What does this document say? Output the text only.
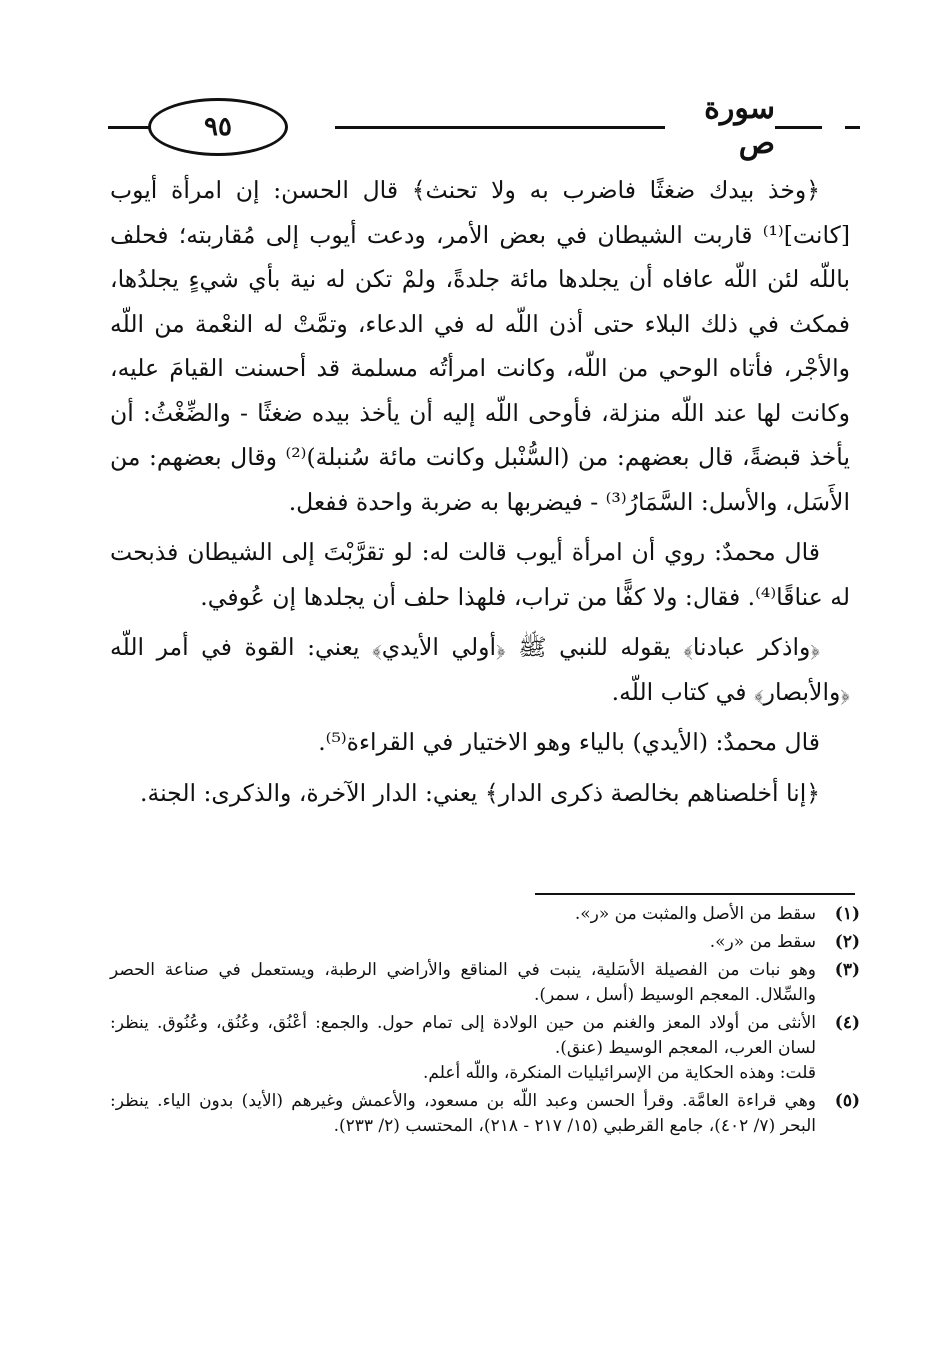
٩٥
سورة ص

﴿وخذ بيدك ضغثًا فاضرب به ولا تحنث﴾ قال الحسن: إن امرأة أيوب [كانت]⁽¹⁾ قاربت الشيطان في بعض الأمر، ودعت أيوب إلى مُقاربته؛ فحلف باللّه لئن اللّه عافاه أن يجلدها مائة جلدةً، ولمْ تكن له نية بأي شيءٍ يجلدُها، فمكث في ذلك البلاء حتى أذن اللّه له في الدعاء، وتمَّتْ له النعْمة من اللّه والأجْر، فأتاه الوحي من اللّه، وكانت امرأتُه مسلمة قد أحسنت القيامَ عليه، وكانت لها عند اللّه منزلة، فأوحى اللّه إليه أن يأخذ بيده ضغثًا - والضِّغْثُ: أن يأخذ قبضةً، قال بعضهم: من (السُّنْبل وكانت مائة سُنبلة)⁽²⁾ وقال بعضهم: من الأَسَل، والأسل: السَّمَارُ⁽³⁾ - فيضربها به ضربة واحدة ففعل.

قال محمدٌ: روي أن امرأة أيوب قالت له: لو تقرَّبْتَ إلى الشيطان فذبحت له عناقًا⁽⁴⁾. فقال: ولا كفًّا من تراب، فلهذا حلف أن يجلدها إن عُوفي.

﴿واذكر عبادنا﴾ يقوله للنبي ﷺ ﴿أولي الأيدي﴾ يعني: القوة في أمر اللّه ﴿والأبصار﴾ في كتاب اللّه.

قال محمدٌ: (الأيدي) بالياء وهو الاختيار في القراءة⁽⁵⁾.

﴿إنا أخلصناهم بخالصة ذكرى الدار﴾ يعني: الدار الآخرة، والذكرى: الجنة.

(١)
سقط من الأصل والمثبت من «ر».
(٢)
سقط من «ر».
(٣)
وهو نبات من الفصيلة الأسَلية، ينبت في المناقع والأراضي الرطبة، ويستعمل في صناعة الحصر والسِّلال. المعجم الوسيط (أسل ، سمر).
(٤)
الأنثى من أولاد المعز والغنم من حين الولادة إلى تمام حول. والجمع: أعْنُق، وعُنُق، وعُنُوق. ينظر: لسان العرب، المعجم الوسيط (عنق).
قلت: وهذه الحكاية من الإسرائيليات المنكرة، واللّه أعلم.
(٥)
وهي قراءة العامَّة. وقرأ الحسن وعبد اللّه بن مسعود، والأعمش وغيرهم (الأيد) بدون الياء. ينظر: البحر (٧/ ٤٠٢)، جامع القرطبي (١٥/ ٢١٧ - ٢١٨)، المحتسب (٢/ ٢٣٣).
